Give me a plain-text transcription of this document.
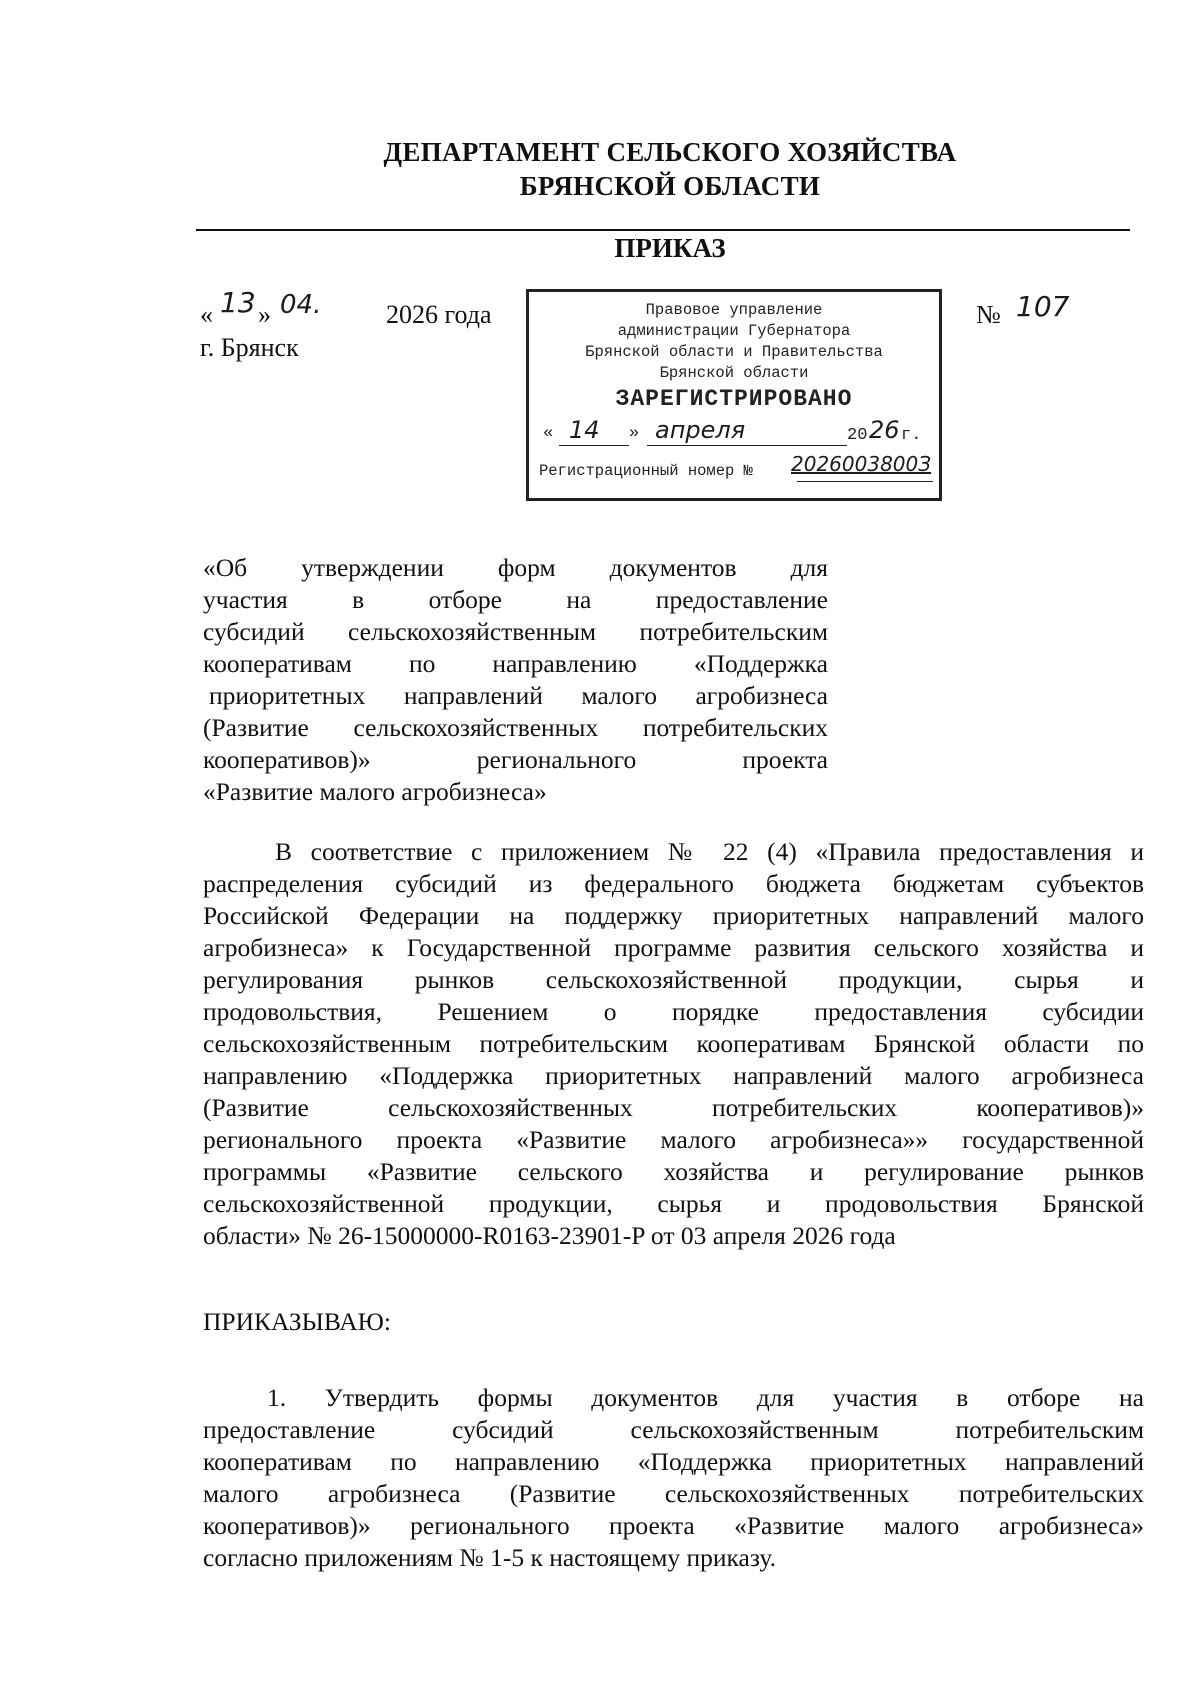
ДЕПАРТАМЕНТ СЕЛЬСКОГО ХОЗЯЙСТВА
БРЯНСКОЙ ОБЛАСТИ
ПРИКАЗ
« 13 » 04. 2026 года
г. Брянск
№ 107
Правовое управление
администрации Губернатора
Брянской области и Правительства
Брянской области
ЗАРЕГИСТРИРОВАНО
« 14 » апреля	20 26 г.
Регистрационный номер № 2026003800З
«Об утверждении форм документов для
участия в отборе на предоставление
субсидий сельскохозяйственным потребительским
кооперативам по направлению «Поддержка
приоритетных направлений малого агробизнеса
(Развитие сельскохозяйственных потребительских
кооперативов)» регионального проекта
«Развитие малого агробизнеса»
В соответствие с приложением № 22 (4) «Правила предоставления и
распределения субсидий из федерального бюджета бюджетам субъектов
Российской Федерации на поддержку приоритетных направлений малого
агробизнеса» к Государственной программе развития сельского хозяйства и
регулирования рынков сельскохозяйственной продукции, сырья и
продовольствия, Решением о порядке предоставления субсидии
сельскохозяйственным потребительским кооперативам Брянской области по
направлению «Поддержка приоритетных направлений малого агробизнеса
(Развитие сельскохозяйственных потребительских кооперативов)»
регионального проекта «Развитие малого агробизнеса»» государственной
программы «Развитие сельского хозяйства и регулирование рынков
сельскохозяйственной продукции, сырья и продовольствия Брянской
области» № 26-15000000-R0163-23901-P от 03 апреля 2026 года
ПРИКАЗЫВАЮ:
1. Утвердить формы документов для участия в отборе на
предоставление субсидий сельскохозяйственным потребительским
кооперативам по направлению «Поддержка приоритетных направлений
малого агробизнеса (Развитие сельскохозяйственных потребительских
кооперативов)» регионального проекта «Развитие малого агробизнеса»
согласно приложениям № 1-5 к настоящему приказу.
